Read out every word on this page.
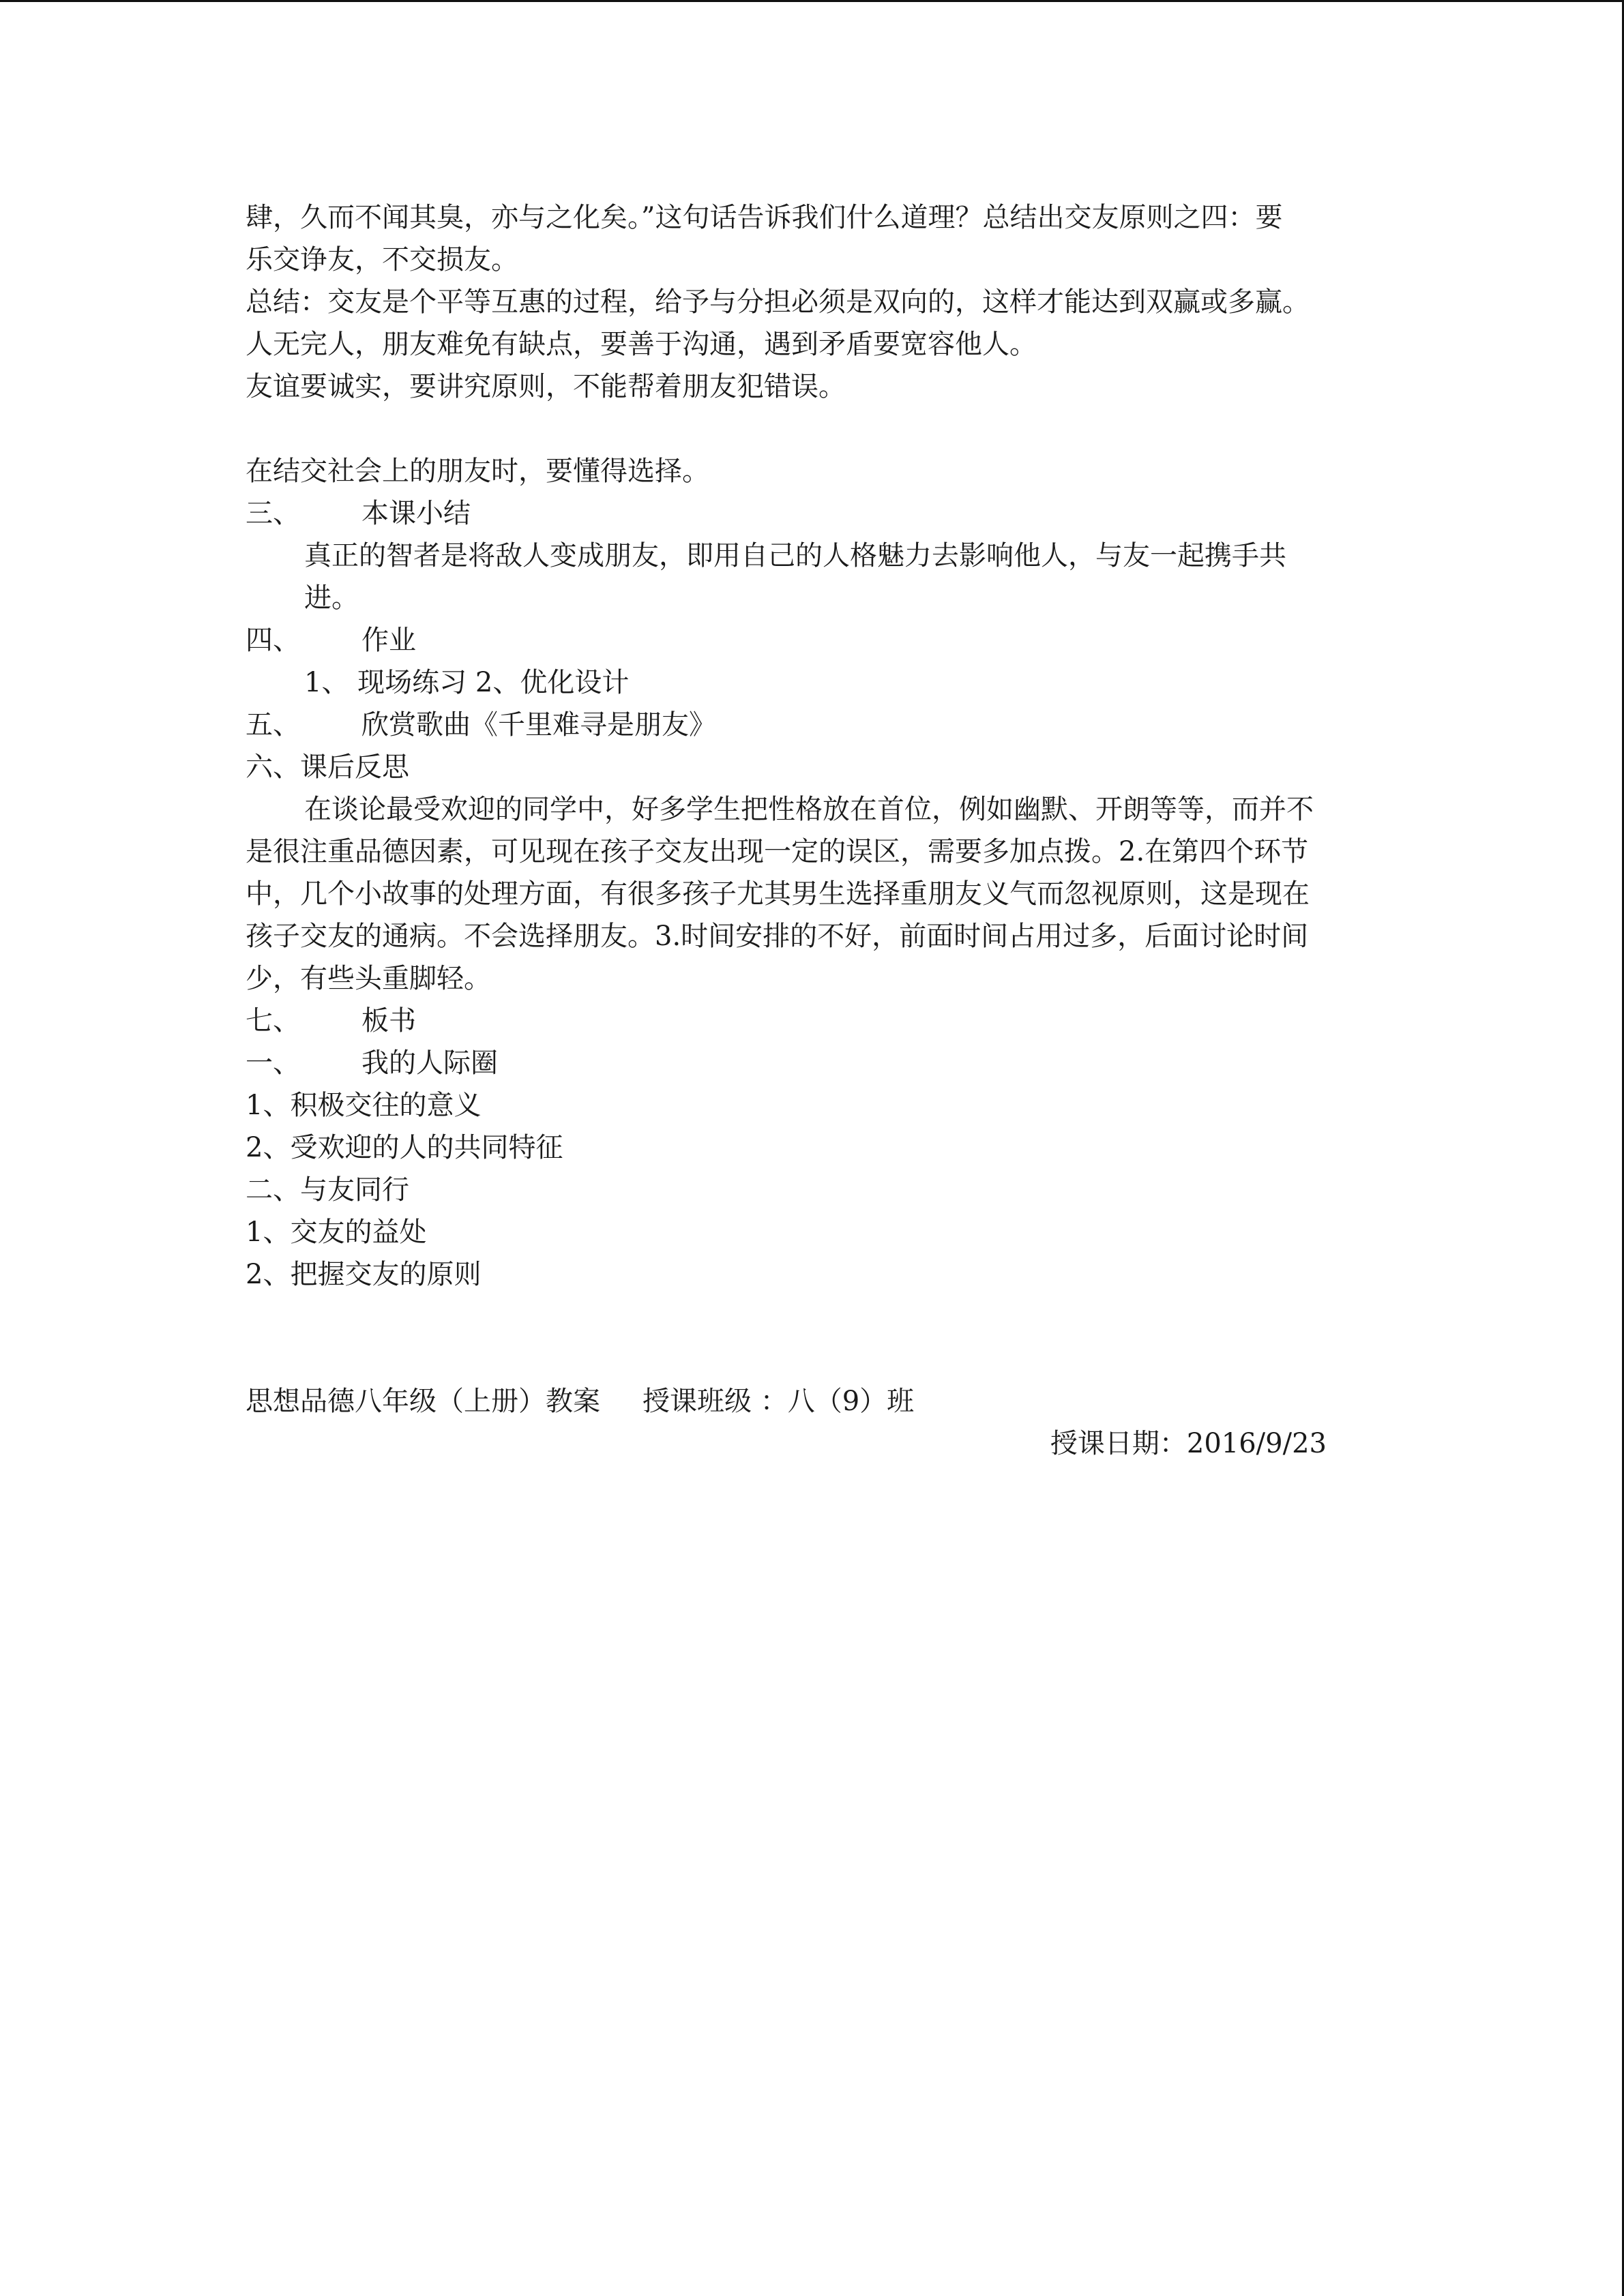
肆，久而不闻其臭，亦与之化矣。”这句话告诉我们什么道理？总结出交友原则之四：要
乐交诤友，不交损友。
总结：交友是个平等互惠的过程，给予与分担必须是双向的，这样才能达到双赢或多赢。
人无完人，朋友难免有缺点，要善于沟通，遇到矛盾要宽容他人。
友谊要诚实，要讲究原则，不能帮着朋友犯错误。
在结交社会上的朋友时，要懂得选择。
三、 本课小结
真正的智者是将敌人变成朋友，即用自己的人格魅力去影响他人，与友一起携手共
进。
四、 作业
1、 现场练习 2、优化设计
五、 欣赏歌曲《千里难寻是朋友》
六、课后反思
在谈论最受欢迎的同学中，好多学生把性格放在首位，例如幽默、开朗等等，而并不
是很注重品德因素，可见现在孩子交友出现一定的误区，需要多加点拨。2.在第四个环节
中，几个小故事的处理方面，有很多孩子尤其男生选择重朋友义气而忽视原则，这是现在
孩子交友的通病。不会选择朋友。3.时间安排的不好，前面时间占用过多，后面讨论时间
少，有些头重脚轻。
七、 板书
一、 我的人际圈
1、积极交往的意义
2、受欢迎的人的共同特征
二、与友同行
1、交友的益处
2、把握交友的原则
思想品德八年级（上册）教案 授课班级 ：八（9）班
授课日期：2016/9/23
